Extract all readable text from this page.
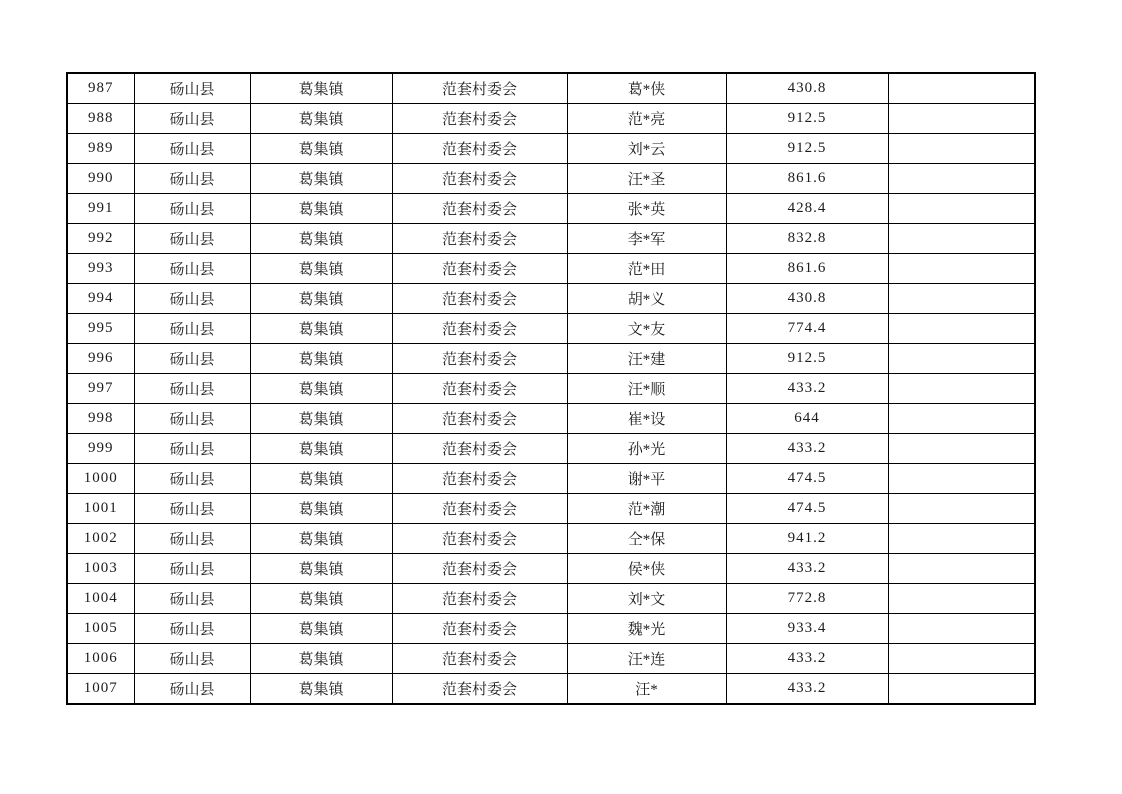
987	砀山县	葛集镇	范套村委会	葛*侠	430.8	
988	砀山县	葛集镇	范套村委会	范*亮	912.5	
989	砀山县	葛集镇	范套村委会	刘*云	912.5	
990	砀山县	葛集镇	范套村委会	汪*圣	861.6	
991	砀山县	葛集镇	范套村委会	张*英	428.4	
992	砀山县	葛集镇	范套村委会	李*军	832.8	
993	砀山县	葛集镇	范套村委会	范*田	861.6	
994	砀山县	葛集镇	范套村委会	胡*义	430.8	
995	砀山县	葛集镇	范套村委会	文*友	774.4	
996	砀山县	葛集镇	范套村委会	汪*建	912.5	
997	砀山县	葛集镇	范套村委会	汪*顺	433.2	
998	砀山县	葛集镇	范套村委会	崔*设	644	
999	砀山县	葛集镇	范套村委会	孙*光	433.2	
1000	砀山县	葛集镇	范套村委会	谢*平	474.5	
1001	砀山县	葛集镇	范套村委会	范*潮	474.5	
1002	砀山县	葛集镇	范套村委会	仝*保	941.2	
1003	砀山县	葛集镇	范套村委会	侯*侠	433.2	
1004	砀山县	葛集镇	范套村委会	刘*文	772.8	
1005	砀山县	葛集镇	范套村委会	魏*光	933.4	
1006	砀山县	葛集镇	范套村委会	汪*连	433.2	
1007	砀山县	葛集镇	范套村委会	汪*	433.2	
